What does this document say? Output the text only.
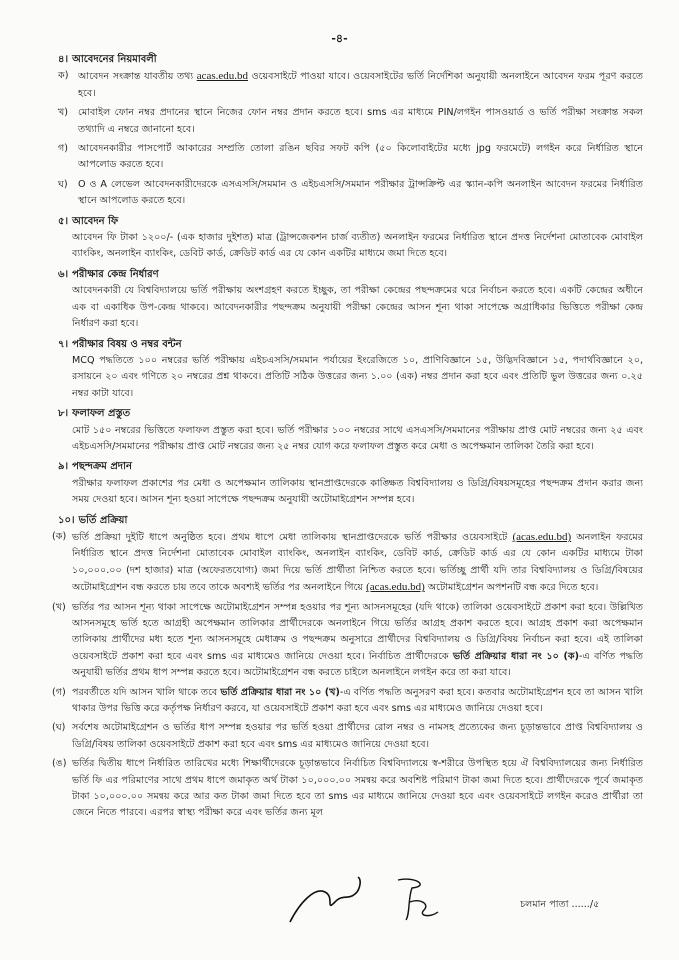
-৪-
৪। আবেদনের নিয়মাবলী
ক) আবেদন সংক্রান্ত যাবতীয় তথ্য acas.edu.bd ওয়েবসাইটে পাওয়া যাবে। ওয়েবসাইটের ভর্তি নির্দেশিকা অনুযায়ী অনলাইনে আবেদন ফরম পূরণ করতে হবে।
খ)	মোবাইল ফোন নম্বর প্রদানের স্থানে নিজের ফোন নম্বর প্রদান করতে হবে। sms এর মাধ্যমে PIN/লগইন পাসওয়ার্ড ও ভর্তি পরীক্ষা সংক্রান্ত সকল তথ্যাদি এ নম্বরে জানানো হবে।
গ)	আবেদনকারীর পাসপোর্ট আকারের সম্প্রতি তোলা রঙিন ছবির সফট কপি (৫০ কিলোবাইটের মধ্যে jpg ফরমেটে) লগইন করে নির্ধারিত স্থানে আপলোড করতে হবে।
ঘ)	O ও A লেভেল আবেদনকারীদেরকে এসএসসি/সমমান ও এইচএসসি/সমমান পরীক্ষার ট্রান্সক্রিপ্ট এর স্ক্যান-কপি অনলাইন আবেদন ফরমের নির্ধারিত স্থানে আপলোড করতে হবে।
৫। আবেদন ফি
আবেদন ফি টাকা ১২০০/- (এক হাজার দুইশত) মাত্র (ট্রান্সজেকশন চার্জ ব্যতীত) অনলাইন ফরমের নির্ধারিত স্থানে প্রদত্ত নির্দেশনা মোতাবেক মোবাইল ব্যাংকিং, অনলাইন ব্যাংকিং, ডেবিট কার্ড, ক্রেডিট কার্ড এর যে কোন একটির মাধ্যমে জমা দিতে হবে।
৬। পরীক্ষার কেন্দ্র নির্ধারণ
আবেদনকারী যে বিশ্ববিদ্যালয়ে ভর্তি পরীক্ষায় অংশগ্রহণ করতে ইচ্ছুক, তা পরীক্ষা কেন্দ্রের পছন্দক্রমের ঘরে নির্বাচন করতে হবে। একটি কেন্দ্রের অধীনে এক বা একাধিক উপ-কেন্দ্র থাকবে। আবেদনকারীর পছন্দক্রম অনুযায়ী পরীক্ষা কেন্দ্রের আসন শূন্য থাকা সাপেক্ষে অগ্রাধিকার ভিত্তিতে পরীক্ষা কেন্দ্র নির্ধারণ করা হবে।
৭। পরীক্ষার বিষয় ও নম্বর বন্টন
MCQ পদ্ধতিতে ১০০ নম্বরের ভর্তি পরীক্ষায় এইচএসসি/সমমান পর্যায়ের ইংরেজিতে ১০, প্রাণিবিজ্ঞানে ১৫, উদ্ভিদবিজ্ঞানে ১৫, পদার্থবিজ্ঞানে ২০, রসায়নে ২০ এবং গণিতে ২০ নম্বরের প্রশ্ন থাকবে। প্রতিটি সঠিক উত্তরের জন্য ১.০০ (এক) নম্বর প্রদান করা হবে এবং প্রতিটি ভুল উত্তরের জন্য ০.২৫ নম্বর কাটা যাবে।
৮। ফলাফল প্রস্তুত
মোট ১৫০ নম্বরের ভিত্তিতে ফলাফল প্রস্তুত করা হবে। ভর্তি পরীক্ষার ১০০ নম্বরের সাথে এসএসসি/সমমানের পরীক্ষায় প্রাপ্ত মোট নম্বরের জন্য ২৫ এবং এইচএসসি/সমমানের পরীক্ষায় প্রাপ্ত মোট নম্বরের জন্য ২৫ নম্বর যোগ করে ফলাফল প্রস্তুত করে মেধা ও অপেক্ষমান তালিকা তৈরি করা হবে।
৯। পছন্দক্রম প্রদান
পরীক্ষার ফলাফল প্রকাশের পর মেধা ও অপেক্ষমান তালিকায় স্থানপ্রাপ্তদেরকে কাঙ্ক্ষিত বিশ্ববিদ্যালয় ও ডিগ্রি/বিষয়সমূহের পছন্দক্রম প্রদান করার জন্য সময় দেওয়া হবে। আসন শূন্য হওয়া সাপেক্ষে পছন্দক্রম অনুযায়ী অটোমাইগ্রেশন সম্পন্ন হবে।
১০। ভর্তি প্রক্রিয়া
(ক) ভর্তি প্রক্রিয়া দুইটি ধাপে অনুষ্ঠিত হবে। প্রথম ধাপে মেধা তালিকায় স্থানপ্রাপ্তদেরকে ভর্তি পরীক্ষার ওয়েবসাইটে (acas.edu.bd) অনলাইন ফরমের নির্ধারিত স্থানে প্রদত্ত নির্দেশনা মোতাবেক মোবাইল ব্যাংকিং, অনলাইন ব্যাংকিং, ডেবিট কার্ড, ক্রেডিট কার্ড এর যে কোন একটির মাধ্যমে টাকা ১০,০০০.০০ (দশ হাজার) মাত্র (অফেরতযোগ্য) জমা দিয়ে ভর্তি প্রার্থীতা নিশ্চিত করতে হবে। ভর্তিচ্ছু প্রার্থী যদি তার বিশ্ববিদ্যালয় ও ডিগ্রি/বিষয়ের অটোমাইগ্রেশন বন্ধ করতে চায় তবে তাকে অবশ্যই ভর্তির পর অনলাইনে গিয়ে (acas.edu.bd) অটোমাইগ্রেশন অপশনটি বন্ধ করে দিতে হবে।
(খ) ভর্তির পর আসন শূন্য থাকা সাপেক্ষে অটোমাইগ্রেশন সম্পন্ন হওয়ার পর শূন্য আসনসমূহের (যদি থাকে) তালিকা ওয়েবসাইটে প্রকাশ করা হবে। উল্লিখিত আসনসমূহে ভর্তি হতে আগ্রহী অপেক্ষমান তালিকার প্রার্থীদেরকে অনলাইনে গিয়ে ভর্তির আগ্রহ প্রকাশ করতে হবে। আগ্রহ প্রকাশ করা অপেক্ষমান তালিকায় প্রার্থীদের মধ্য হতে শূন্য আসনসমূহে মেধাক্রম ও পছন্দক্রম অনুসারে প্রার্থীদের বিশ্ববিদ্যালয় ও ডিগ্রি/বিষয় নির্বাচন করা হবে। এই তালিকা ওয়েবসাইটে প্রকাশ করা হবে এবং sms এর মাধ্যমেও জানিয়ে দেওয়া হবে। নির্বাচিত প্রার্থীদেরকে ভর্তি প্রক্রিয়ার ধারা নং ১০ (ক)-এ বর্ণিত পদ্ধতি অনুযায়ী ভর্তির প্রথম ধাপ সম্পন্ন করতে হবে। অটোমাইগ্রেশন বন্ধ করতে চাইলে অনলাইনে লগইন করে তা করা যাবে।
(গ) পরবর্তীতে যদি আসন খালি থাকে তবে ভর্তি প্রক্রিয়ার ধারা নং ১০ (খ)-এ বর্ণিত পদ্ধতি অনুসরণ করা হবে। কতবার অটোমাইগ্রেশন হবে তা আসন খালি থাকার উপর ভিত্তি করে কর্তৃপক্ষ নির্ধারণ করবে, যা ওয়েবসাইটে প্রকাশ করা হবে এবং sms এর মাধ্যমেও জানিয়ে দেওয়া হবে।
(ঘ) সর্বশেষ অটোমাইগ্রেশন ও ভর্তির ধাপ সম্পন্ন হওয়ার পর ভর্তি হওয়া প্রার্থীদের রোল নম্বর ও নামসহ প্রত্যেকের জন্য চূড়ান্তভাবে প্রাপ্ত বিশ্ববিদ্যালয় ও ডিগ্রি/বিষয় তালিকা ওয়েবসাইটে প্রকাশ করা হবে এবং sms এর মাধ্যমেও জানিয়ে দেওয়া হবে।
(ঙ) ভর্তির দ্বিতীয় ধাপে নির্ধারিত তারিখের মধ্যে শিক্ষার্থীদেরকে চূড়ান্তভাবে নির্বাচিত বিশ্ববিদ্যালয়ে স্ব-শরীরে উপস্থিত হয়ে ঐ বিশ্ববিদ্যালয়ের জন্য নির্ধারিত ভর্তি ফি এর পরিমাণের সাথে প্রথম ধাপে জমাকৃত অর্থ টাকা ১০,০০০.০০ সমন্বয় করে অবশিষ্ট পরিমাণ টাকা জমা দিতে হবে। প্রার্থীদেরকে পূর্বে জমাকৃত টাকা ১০,০০০.০০ সমন্বয় করে আর কত টাকা জমা দিতে হবে তা sms এর মাধ্যমে জানিয়ে দেওয়া হবে এবং ওয়েবসাইটে লগইন করেও প্রার্থীরা তা জেনে নিতে পারবে। এরপর স্বাস্থ্য পরীক্ষা করে এবং ভর্তির জন্য মূল
চলমান পাতা ....../৫
